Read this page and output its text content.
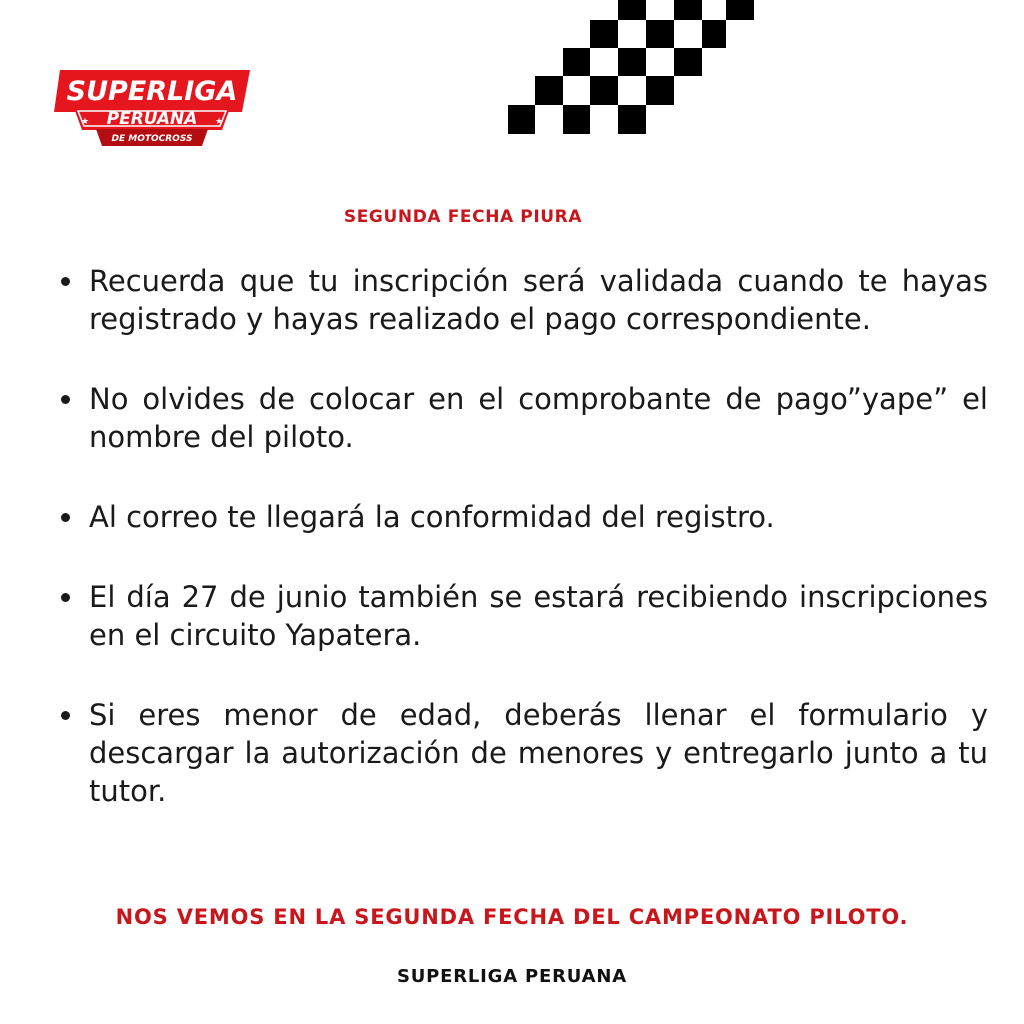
SUPERLIGA
PERUANA
★	★
DE MOTOCROSS
SEGUNDA FECHA PIURA
Recuerda que tu inscripción será validada cuando te hayas registrado y hayas realizado el pago correspondiente.
No olvides de colocar en el comprobante de pago”yape” el nombre del piloto.
Al correo te llegará la conformidad del registro.
El día 27 de junio también se estará recibiendo inscripciones en el circuito Yapatera.
Si eres menor de edad, deberás llenar el formulario y descargar la autorización de menores y entregarlo junto a tu tutor.
NOS VEMOS EN LA SEGUNDA FECHA DEL CAMPEONATO PILOTO.
SUPERLIGA PERUANA
